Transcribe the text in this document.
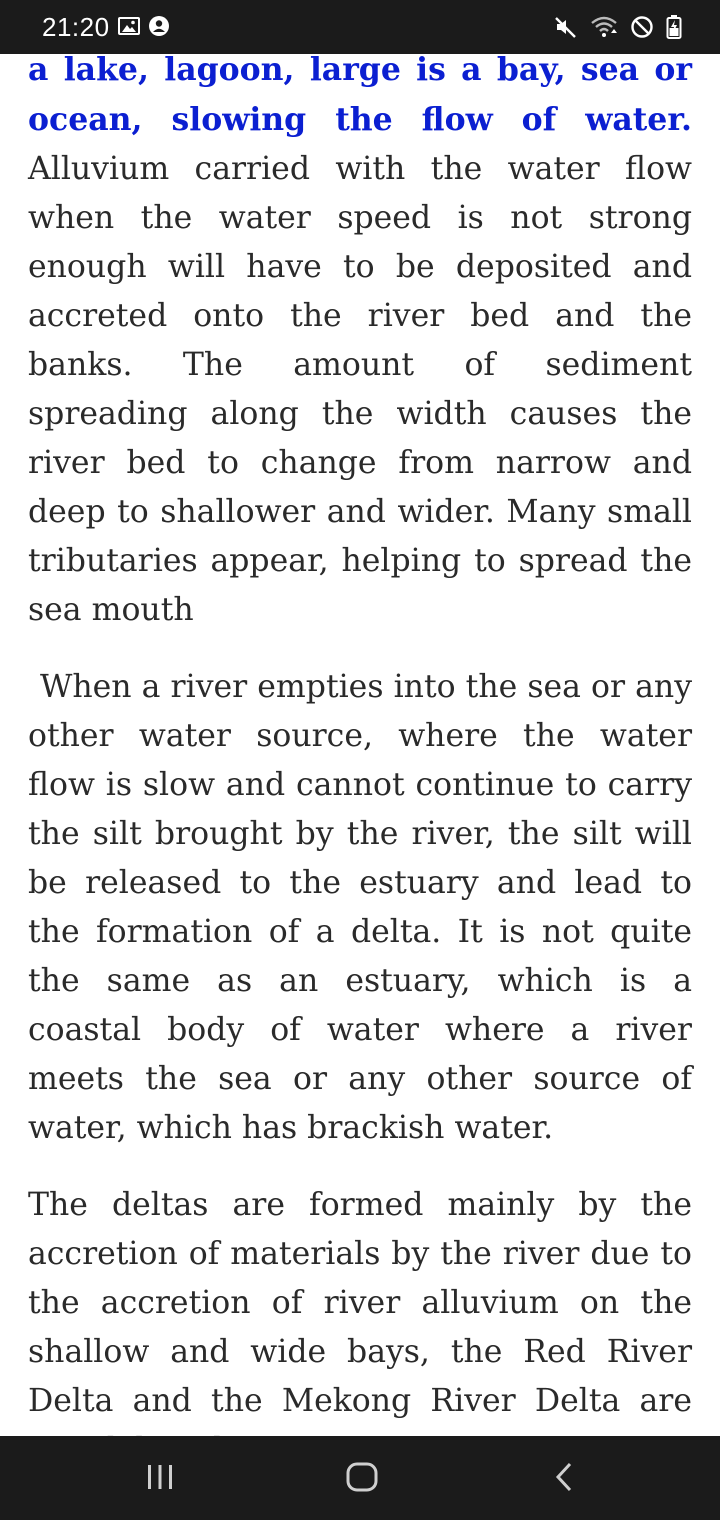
21:20

a lake, lagoon, large is a bay, sea or ocean, slowing the flow of water. Alluvium carried with the water flow when the water speed is not strong enough will have to be deposited and accreted onto the river bed and the banks. The amount of sediment spreading along the width causes the river bed to change from narrow and deep to shallower and wider. Many small tributaries appear, helping to spread the sea mouth

When a river empties into the sea or any other water source, where the water flow is slow and cannot continue to carry the silt brought by the river, the silt will be released to the estuary and lead to the formation of a delta. It is not quite the same as an estuary, which is a coastal body of water where a river meets the sea or any other source of water, which has brackish water.

The deltas are formed mainly by the accretion of materials by the river due to the accretion of river alluvium on the shallow and wide bays, the Red River Delta and the Mekong River Delta are
